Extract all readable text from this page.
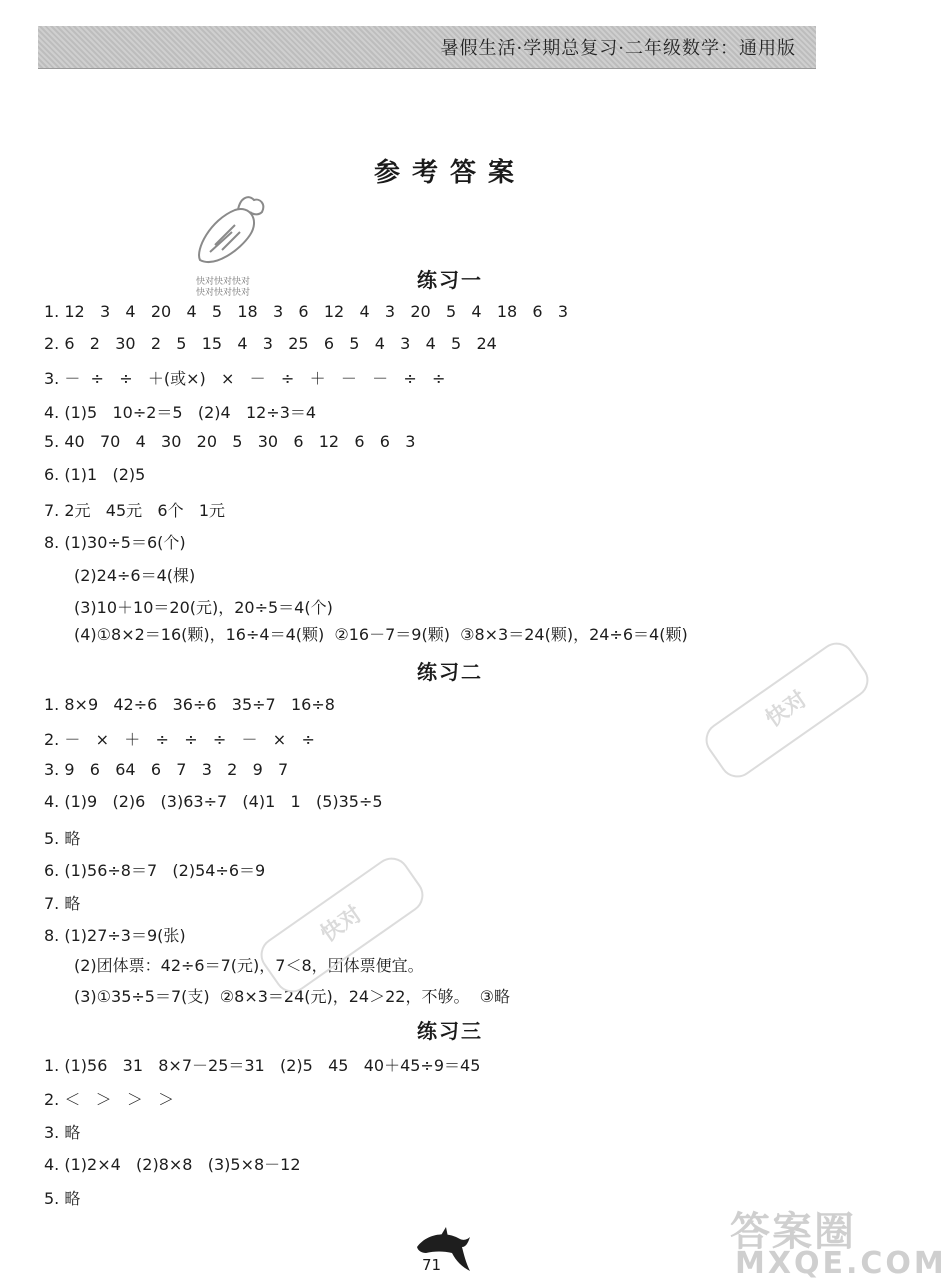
暑假生活·学期总复习·二年级数学：通用版
参考答案
快对快对快对
快对快对快对
练习一
1. 12   3   4   20   4   5   18   3   6   12   4   3   20   5   4   18   6   3
2. 6   2   30   2   5   15   4   3   25   6   5   4   3   4   5   24
3. －  ÷   ÷   ＋(或×)   ×   －   ÷   ＋   －   －   ÷   ÷
4. (1)5   10÷2＝5   (2)4   12÷3＝4
5. 40   70   4   30   20   5   30   6   12   6   6   3
6. (1)1   (2)5
7. 2元   45元   6个   1元
8. (1)30÷5＝6(个)
(2)24÷6＝4(棵)
(3)10＋10＝20(元)，20÷5＝4(个)
(4)①8×2＝16(颗)，16÷4＝4(颗)  ②16－7＝9(颗)  ③8×3＝24(颗)，24÷6＝4(颗)
练习二
1. 8×9   42÷6   36÷6   35÷7   16÷8
2. －   ×   ＋   ÷   ÷   ÷   －   ×   ÷
3. 9   6   64   6   7   3   2   9   7
4. (1)9   (2)6   (3)63÷7   (4)1   1   (5)35÷5
5. 略
6. (1)56÷8＝7   (2)54÷6＝9
7. 略
8. (1)27÷3＝9(张)
(2)团体票：42÷6＝7(元)，7＜8，团体票便宜。
(3)①35÷5＝7(支)  ②8×3＝24(元)，24＞22，不够。  ③略
练习三
1. (1)56   31   8×7－25＝31   (2)5   45   40＋45÷9＝45
2. ＜   ＞   ＞   ＞
3. 略
4. (1)2×4   (2)8×8   (3)5×8－12
5. 略
快对
快对
答案圈
MXQE.COM
71
